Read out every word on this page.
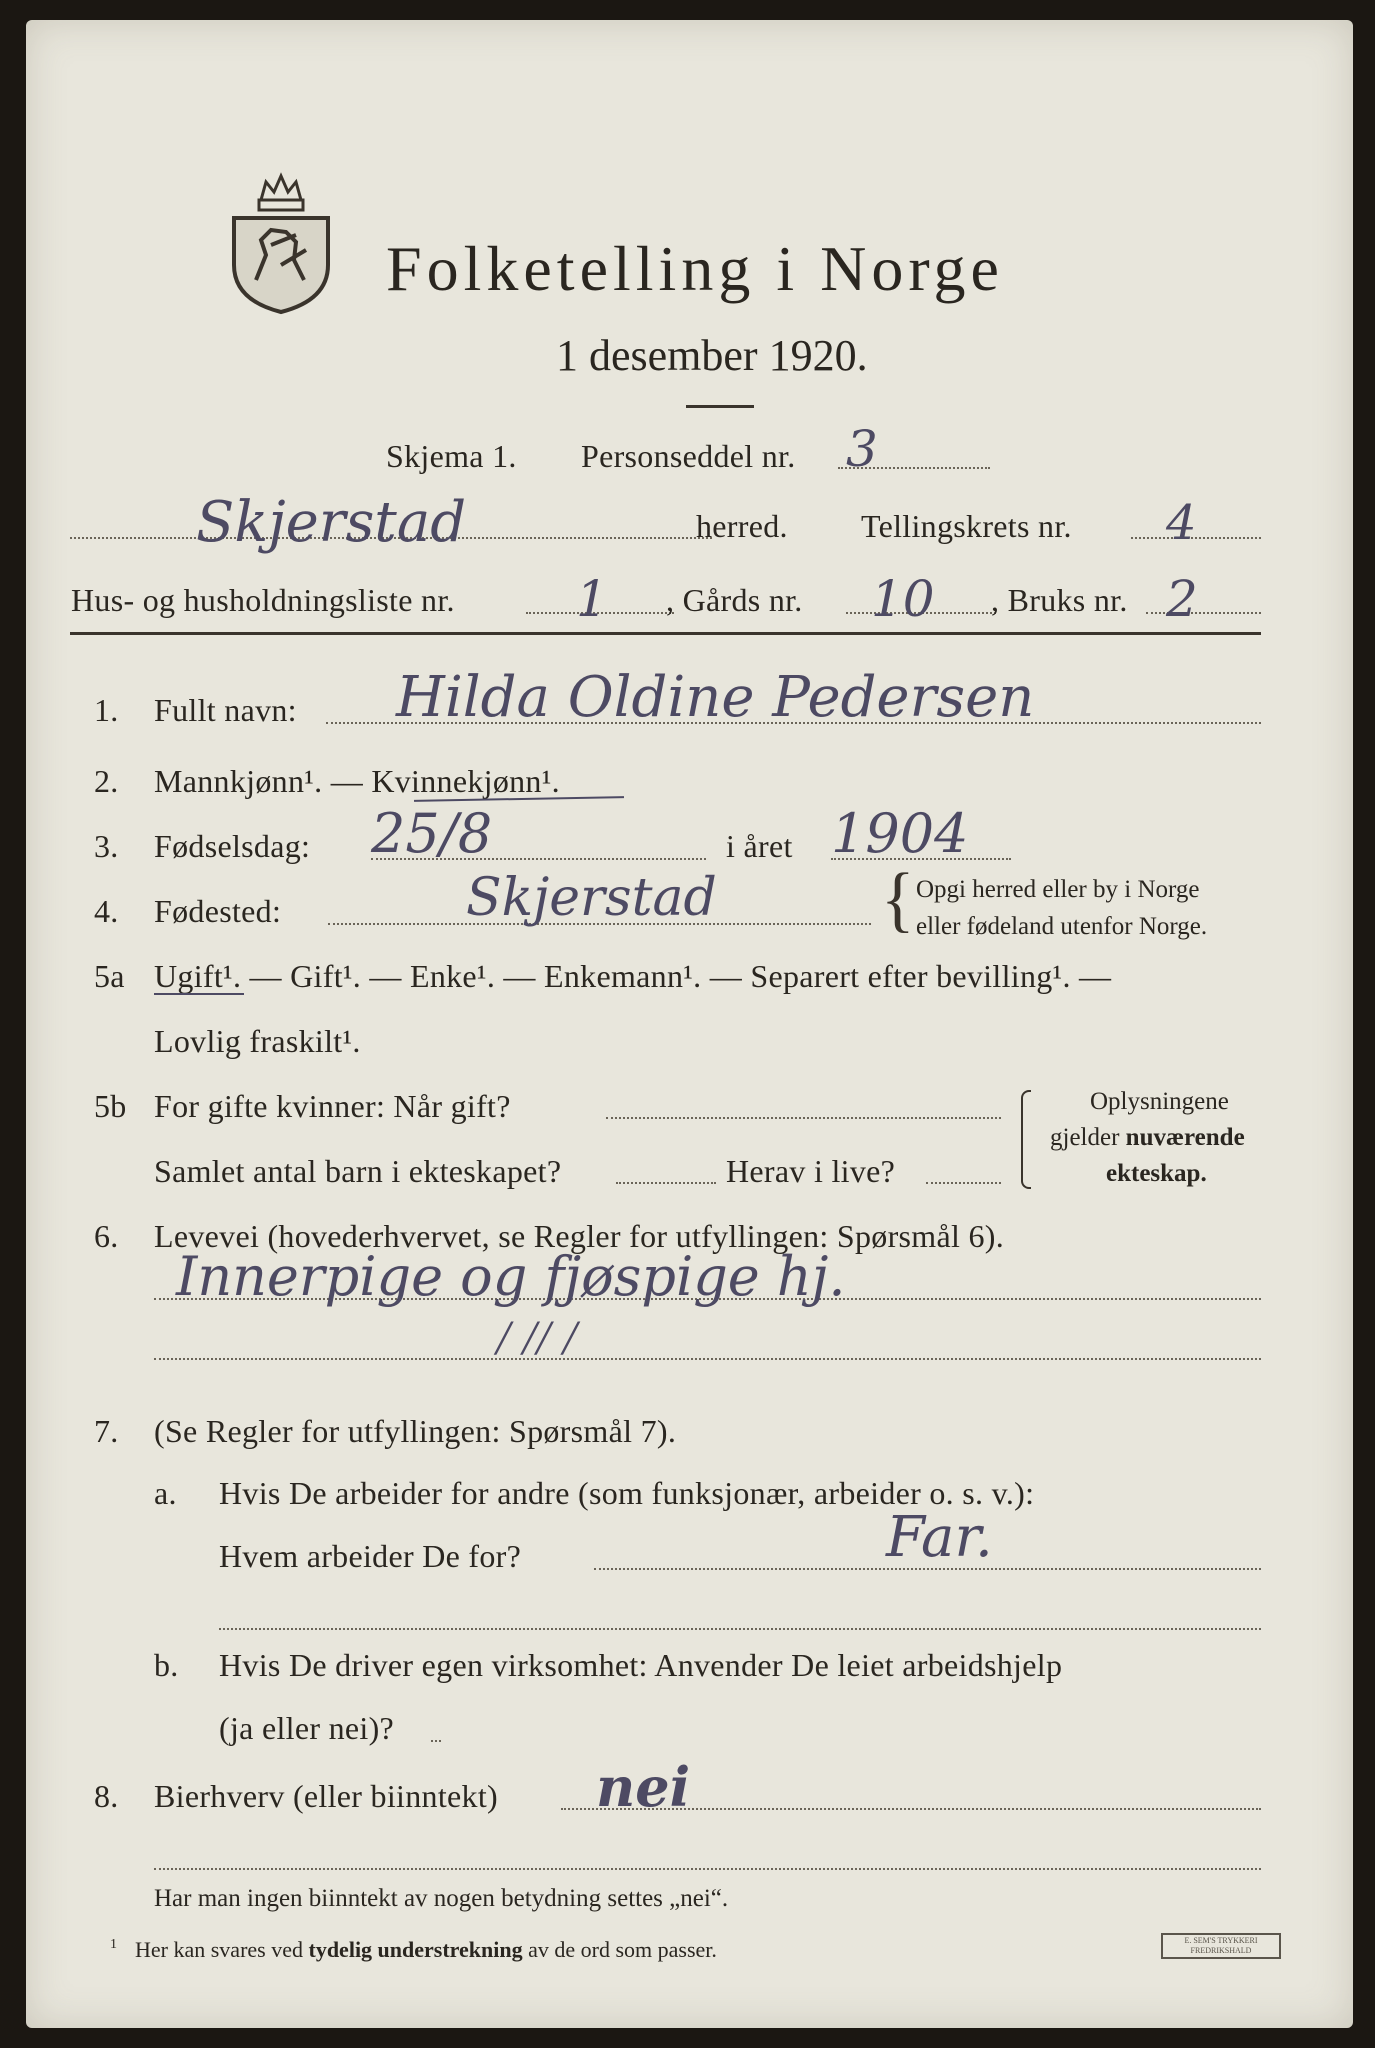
Folketelling i Norge
1 desember 1920.
Skjema 1. Personseddel nr. 3
Skjerstad	herred. Tellingskrets nr. 4
Hus- og husholdningsliste nr. 1 , Gårds nr. 10 , Bruks nr. 2
1. Fullt navn: Hilda Oldine Pedersen
2. Mannkjønn¹. — Kvinnekjønn¹.
3. Fødselsdag: 25/8	i året 1904
4. Fødested:	Skjerstad { Opgi herred eller by i Norge
eller fødeland utenfor Norge.
5a Ugift¹. — Gift¹. — Enke¹. — Enkemann¹. — Separert efter bevilling¹. —
Lovlig fraskilt¹.
5b For gifte kvinner: Når gift?
Samlet antal barn i ekteskapet?	Herav i live?
Oplysningene
gjelder nuværende
ekteskap.
6. Levevei (hovederhvervet, se Regler for utfyllingen: Spørsmål 6).
Innerpige og fjøspige hj.
/ // /
7. (Se Regler for utfyllingen: Spørsmål 7).
a. Hvis De arbeider for andre (som funksjonær, arbeider o. s. v.):
Hvem arbeider De for?	Far.
b. Hvis De driver egen virksomhet: Anvender De leiet arbeidshjelp
(ja eller nei)?
8. Bierhverv (eller biinntekt) nei
Har man ingen biinntekt av nogen betydning settes „nei“.
$^1$ Her kan svares ved tydelig understrekning av de ord som passer.	E. SEM'S TRYKKERI
FREDRIKSHALD
